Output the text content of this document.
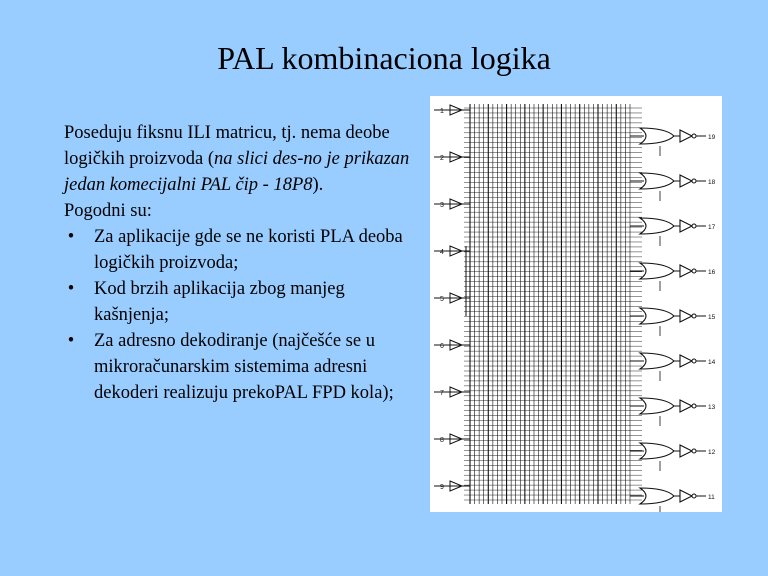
PAL kombinaciona logika

Poseduju fiksnu ILI matricu, tj. nema deobe logičkih proizvoda (na slici des-no je prikazan jedan komecijalni PAL čip - 18P8).

Pogodni su:

• Za aplikacije gde se ne koristi PLA deoba logičkih proizvoda;
• Kod brzih aplikacija zbog manjeg kašnjenja;
• Za adresno dekodiranje (najčešće se u mikroračunarskim sistemima adresni dekoderi realizuju prekoPAL FPD kola);
1
2
3
4
5
6
7
8
9
19
18
17
16
15
14
13
12
11
